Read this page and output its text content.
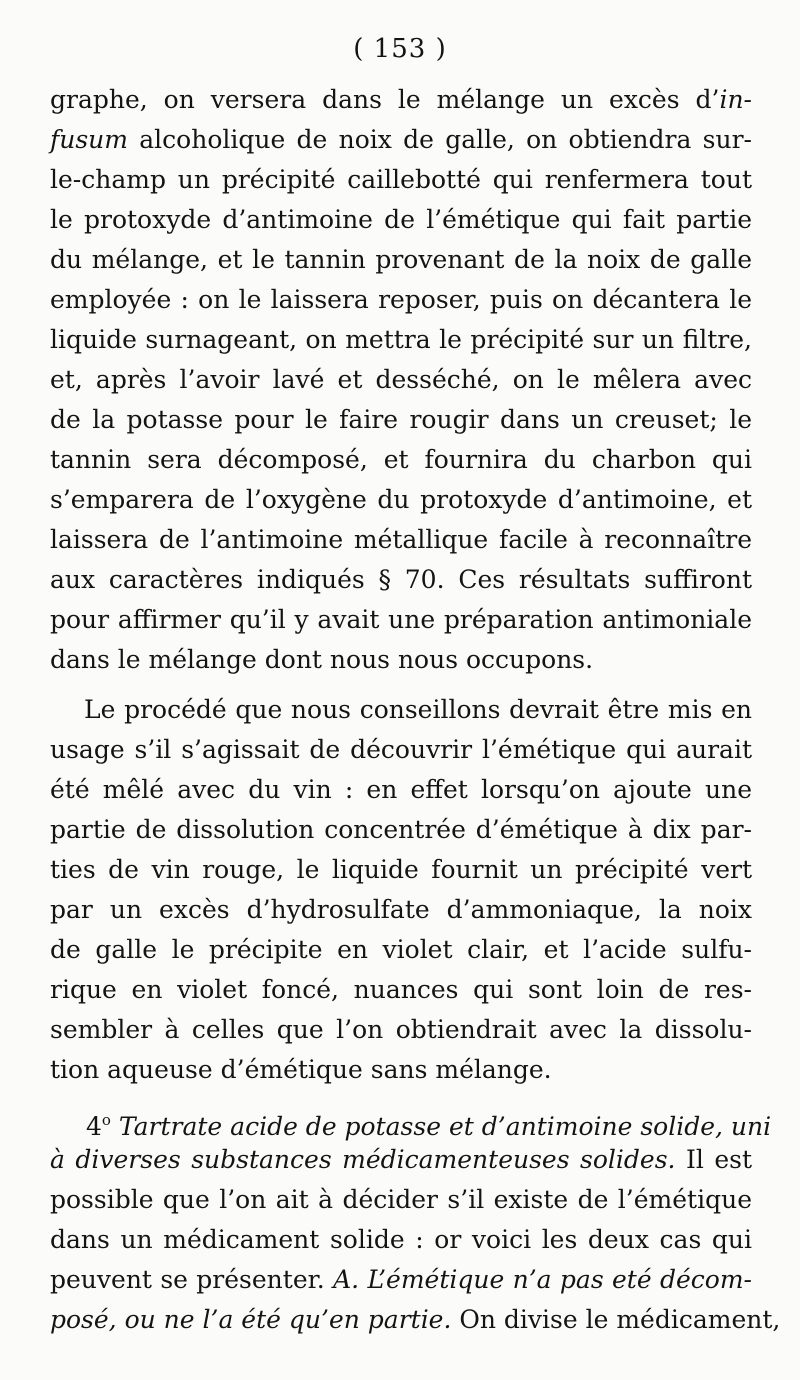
( 153 )
graphe, on versera dans le mélange un excès d’in-
fusum alcoholique de noix de galle, on obtiendra sur-
le-champ un précipité caillebotté qui renfermera tout
le protoxyde d’antimoine de l’émétique qui fait partie
du mélange, et le tannin provenant de la noix de galle
employée : on le laissera reposer, puis on décantera le
liquide surnageant, on mettra le précipité sur un filtre,
et, après l’avoir lavé et desséché, on le mêlera avec
de la potasse pour le faire rougir dans un creuset; le
tannin sera décomposé, et fournira du charbon qui
s’emparera de l’oxygène du protoxyde d’antimoine, et
laissera de l’antimoine métallique facile à reconnaître
aux caractères indiqués § 70. Ces résultats suffiront
pour affirmer qu’il y avait une préparation antimoniale
dans le mélange dont nous nous occupons.
Le procédé que nous conseillons devrait être mis en
usage s’il s’agissait de découvrir l’émétique qui aurait
été mêlé avec du vin : en effet lorsqu’on ajoute une
partie de dissolution concentrée d’émétique à dix par-
ties de vin rouge, le liquide fournit un précipité vert
par un excès d’hydrosulfate d’ammoniaque, la noix
de galle le précipite en violet clair, et l’acide sulfu-
rique en violet foncé, nuances qui sont loin de res-
sembler à celles que l’on obtiendrait avec la dissolu-
tion aqueuse d’émétique sans mélange.
4$^o$ Tartrate acide de potasse et d’antimoine solide, uni
à diverses substances médicamenteuses solides. Il est
possible que l’on ait à décider s’il existe de l’émétique
dans un médicament solide : or voici les deux cas qui
peuvent se présenter. A. L’émétique n’a pas eté décom-
posé, ou ne l’a été qu’en partie. On divise le médicament,
